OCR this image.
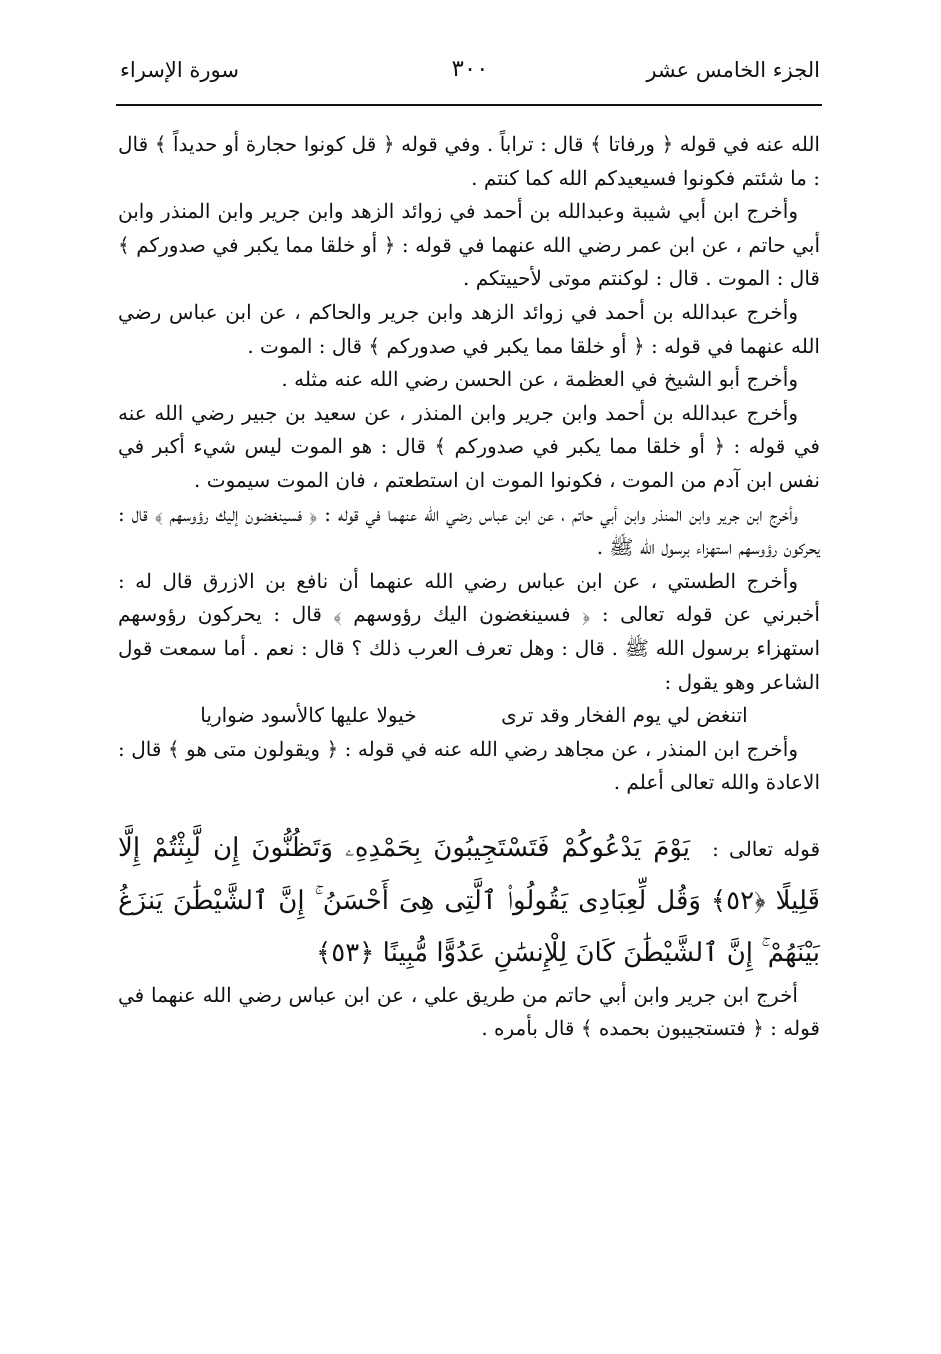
الجزء الخامس عشر
٣٠٠
سورة الإسراء

الله عنه في قوله ﴿ ورفاتا ﴾ قال : تراباً . وفي قوله ﴿ قل كونوا حجارة أو حديداً ﴾ قال : ما شئتم فكونوا فسيعيدكم الله كما كنتم .

وأخرج ابن أبي شيبة وعبدالله بن أحمد في زوائد الزهد وابن جرير وابن المنذر وابن أبي حاتم ، عن ابن عمر رضي الله عنهما في قوله : ﴿ أو خلقا مما يكبر في صدوركم ﴾ قال : الموت . قال : لوكنتم موتى لأحييتكم .

وأخرج عبدالله بن أحمد في زوائد الزهد وابن جرير والحاكم ، عن ابن عباس رضي الله عنهما في قوله : ﴿ أو خلقا مما يكبر في صدوركم ﴾ قال : الموت .

وأخرج أبو الشيخ في العظمة ، عن الحسن رضي الله عنه مثله .

وأخرج عبدالله بن أحمد وابن جرير وابن المنذر ، عن سعيد بن جبير رضي الله عنه في قوله : ﴿ أو خلقا مما يكبر في صدوركم ﴾ قال : هو الموت ليس شيء أكبر في نفس ابن آدم من الموت ، فكونوا الموت ان استطعتم ، فان الموت سيموت .

وأخرج ابن جرير وابن المنذر وابن أبي حاتم ، عن ابن عباس رضي الله عنهما في قوله : ﴿ فسينغضون إليك رؤوسهم ﴾ قال : يحركون رؤوسهم استهزاء برسول الله ﷺ .

وأخرج الطستي ، عن ابن عباس رضي الله عنهما أن نافع بن الازرق قال له : أخبرني عن قوله تعالى : ﴿ فسينغضون اليك رؤوسهم ﴾ قال : يحركون رؤوسهم استهزاء برسول الله ﷺ . قال : وهل تعرف العرب ذلك ؟ قال : نعم . أما سمعت قول الشاعر وهو يقول :

اتنغض لي يوم الفخار وقد ترى
خيولا عليها كالأسود ضواريا

وأخرج ابن المنذر ، عن مجاهد رضي الله عنه في قوله : ﴿ ويقولون متى هو ﴾ قال : الاعادة والله تعالى أعلم .

قوله تعالى : يَوْمَ يَدْعُوكُمْ فَتَسْتَجِيبُونَ بِحَمْدِهِۦ وَتَظُنُّونَ إِن لَّبِثْتُمْ إِلَّا قَلِيلًا ﴿٥٢﴾ وَقُل لِّعِبَادِى يَقُولُوا۟ ٱلَّتِى هِىَ أَحْسَنُ ۚ إِنَّ ٱلشَّيْطَٰنَ يَنزَغُ بَيْنَهُمْ ۚ إِنَّ ٱلشَّيْطَٰنَ كَانَ لِلْإِنسَٰنِ عَدُوًّا مُّبِينًا ﴿٥٣﴾

أخرج ابن جرير وابن أبي حاتم من طريق علي ، عن ابن عباس رضي الله عنهما في قوله : ﴿ فتستجيبون بحمده ﴾ قال بأمره .
